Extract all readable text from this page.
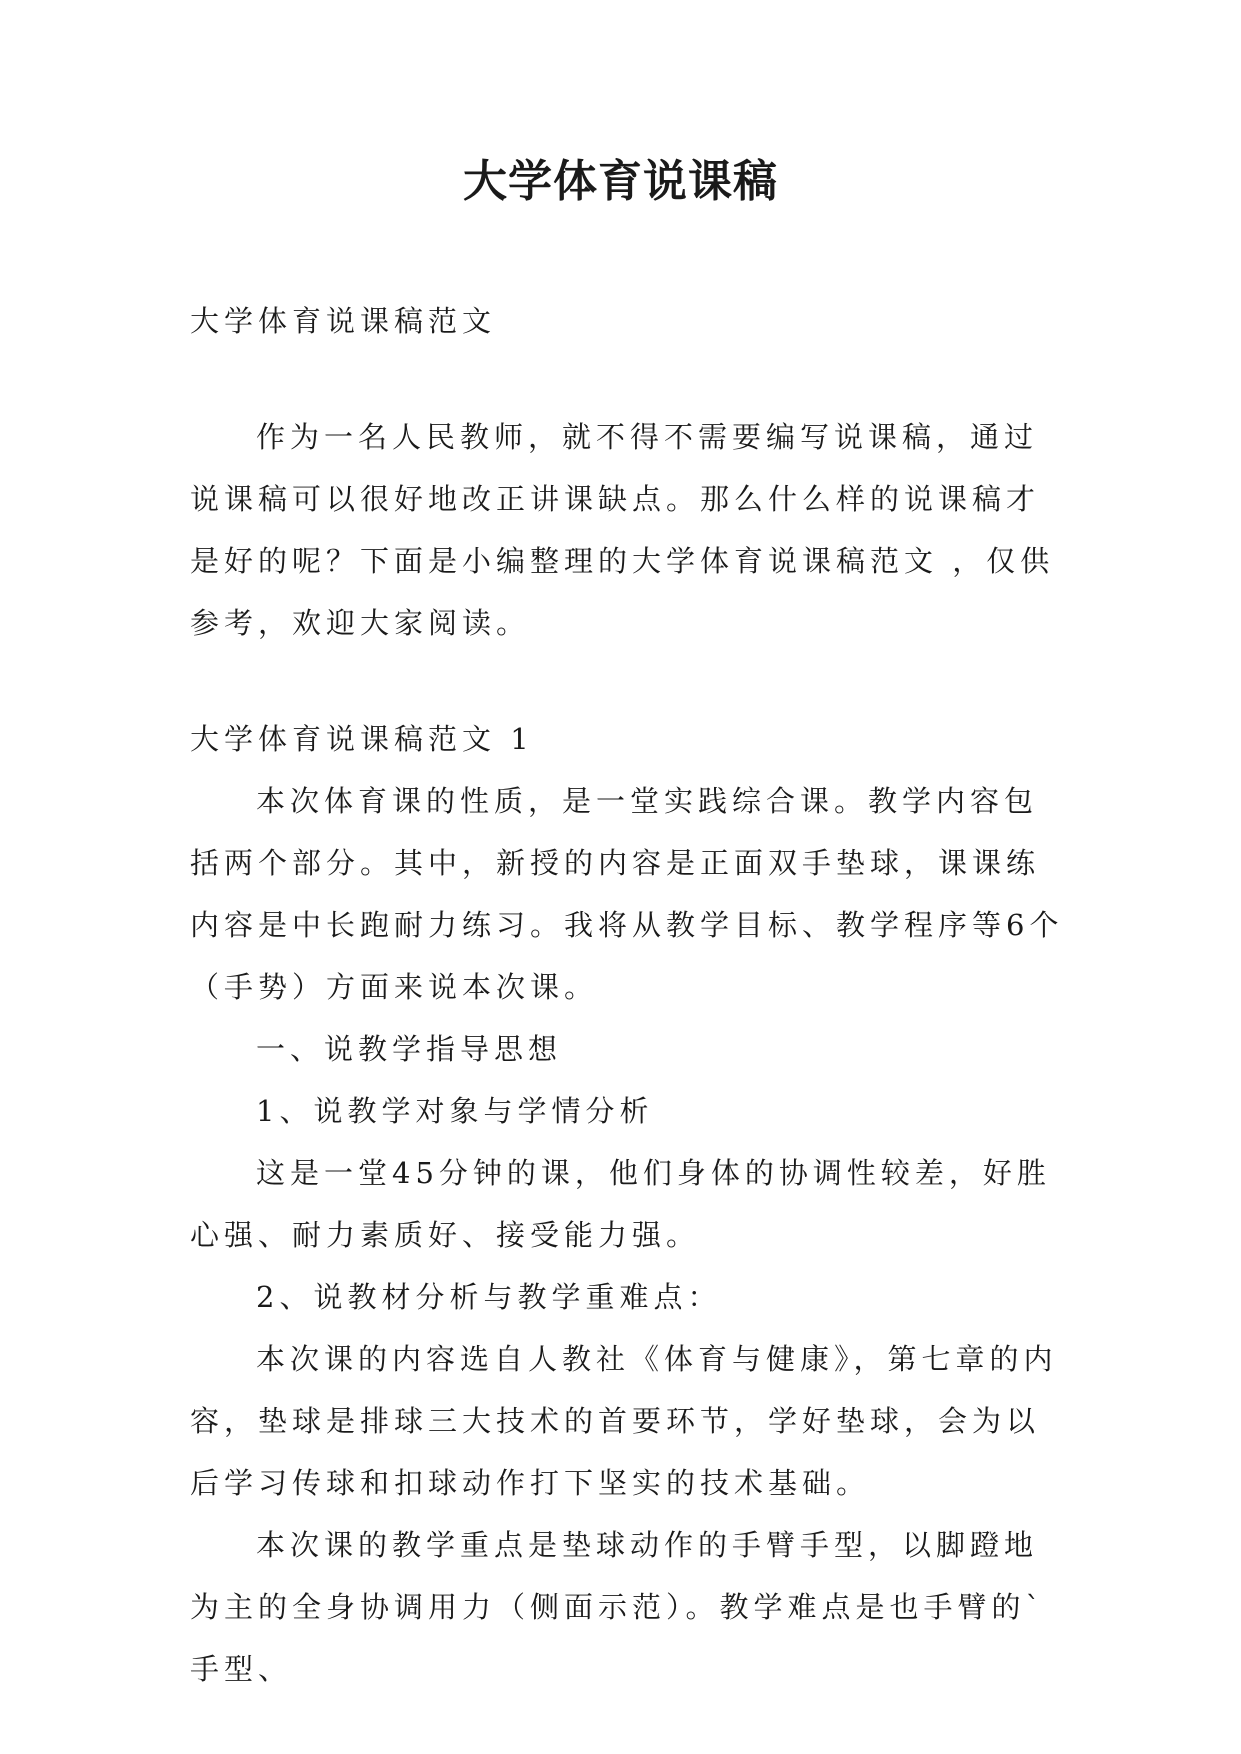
大学体育说课稿

大学体育说课稿范文

作为一名人民教师，就不得不需要编写说课稿，通过说课稿可以很好地改正讲课缺点。那么什么样的说课稿才是好的呢？下面是小编整理的大学体育说课稿范文 ，仅供参考，欢迎大家阅读。

大学体育说课稿范文 1

本次体育课的性质，是一堂实践综合课。教学内容包括两个部分。其中，新授的内容是正面双手垫球，课课练内容是中长跑耐力练习。我将从教学目标、教学程序等6个（手势）方面来说本次课。

一、说教学指导思想

1、说教学对象与学情分析

这是一堂45分钟的课，他们身体的协调性较差，好胜心强、耐力素质好、接受能力强。

2、说教材分析与教学重难点：

本次课的内容选自人教社《体育与健康》，第七章的内容，垫球是排球三大技术的首要环节，学好垫球，会为以后学习传球和扣球动作打下坚实的技术基础。

本次课的教学重点是垫球动作的手臂手型，以脚蹬地为主的全身协调用力（侧面示范）。教学难点是也手臂的`手型、
